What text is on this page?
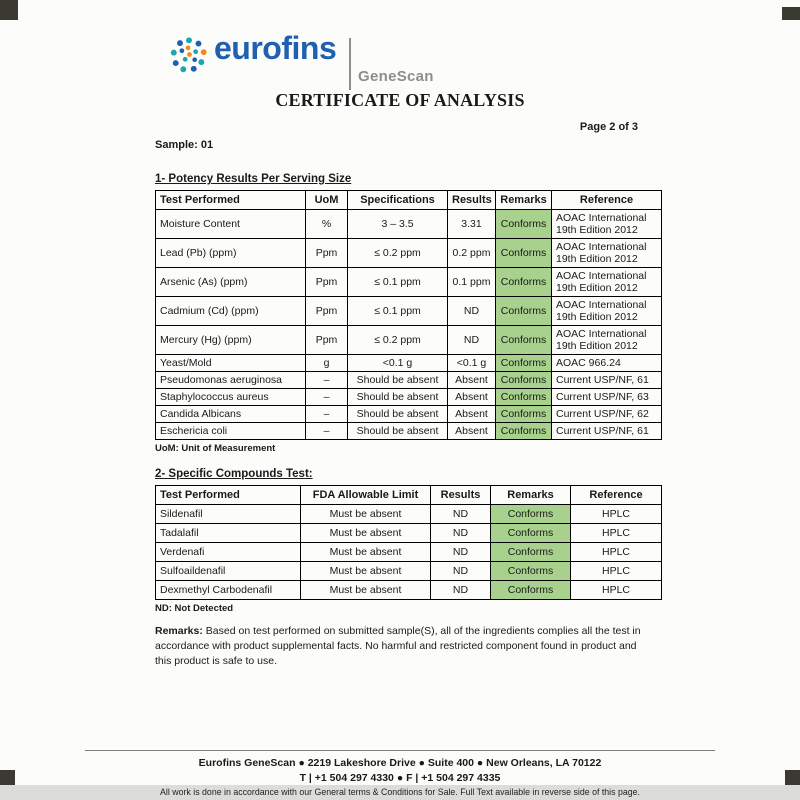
eurofins
GeneScan
CERTIFICATE OF ANALYSIS
Page 2 of 3
Sample: 01
1- Potency Results Per Serving Size
Test Performed	UoM	Specifications	Results	Remarks	Reference
Moisture Content	%	3 – 3.5	3.31	Conforms	AOAC International 19th Edition 2012
Lead (Pb) (ppm)	Ppm	≤ 0.2 ppm	0.2 ppm	Conforms	AOAC International 19th Edition 2012
Arsenic (As) (ppm)	Ppm	≤ 0.1 ppm	0.1 ppm	Conforms	AOAC International 19th Edition 2012
Cadmium (Cd) (ppm)	Ppm	≤ 0.1 ppm	ND	Conforms	AOAC International 19th Edition 2012
Mercury (Hg) (ppm)	Ppm	≤ 0.2 ppm	ND	Conforms	AOAC International 19th Edition 2012
Yeast/Mold	g	<0.1 g	<0.1 g	Conforms	AOAC 966.24
Pseudomonas aeruginosa	–	Should be absent	Absent	Conforms	Current USP/NF, 61
Staphylococcus aureus	–	Should be absent	Absent	Conforms	Current USP/NF, 63
Candida Albicans	–	Should be absent	Absent	Conforms	Current USP/NF, 62
Eschericia coli	–	Should be absent	Absent	Conforms	Current USP/NF, 61
UoM: Unit of Measurement
2- Specific Compounds Test:
Test Performed	FDA Allowable Limit	Results	Remarks	Reference
Sildenafil	Must be absent	ND	Conforms	HPLC
Tadalafil	Must be absent	ND	Conforms	HPLC
Verdenafi	Must be absent	ND	Conforms	HPLC
Sulfoaildenafil	Must be absent	ND	Conforms	HPLC
Dexmethyl Carbodenafil	Must be absent	ND	Conforms	HPLC
ND: Not Detected

Remarks: Based on test performed on submitted sample(S), all of the ingredients complies all the test in accordance with product supplemental facts. No harmful and restricted component found in product and this product is safe to use.

Eurofins GeneScan ● 2219 Lakeshore Drive ● Suite 400 ● New Orleans, LA 70122
T | +1 504 297 4330 ● F | +1 504 297 4335
All work is done in accordance with our General terms & Conditions for Sale. Full Text available in reverse side of this page.
